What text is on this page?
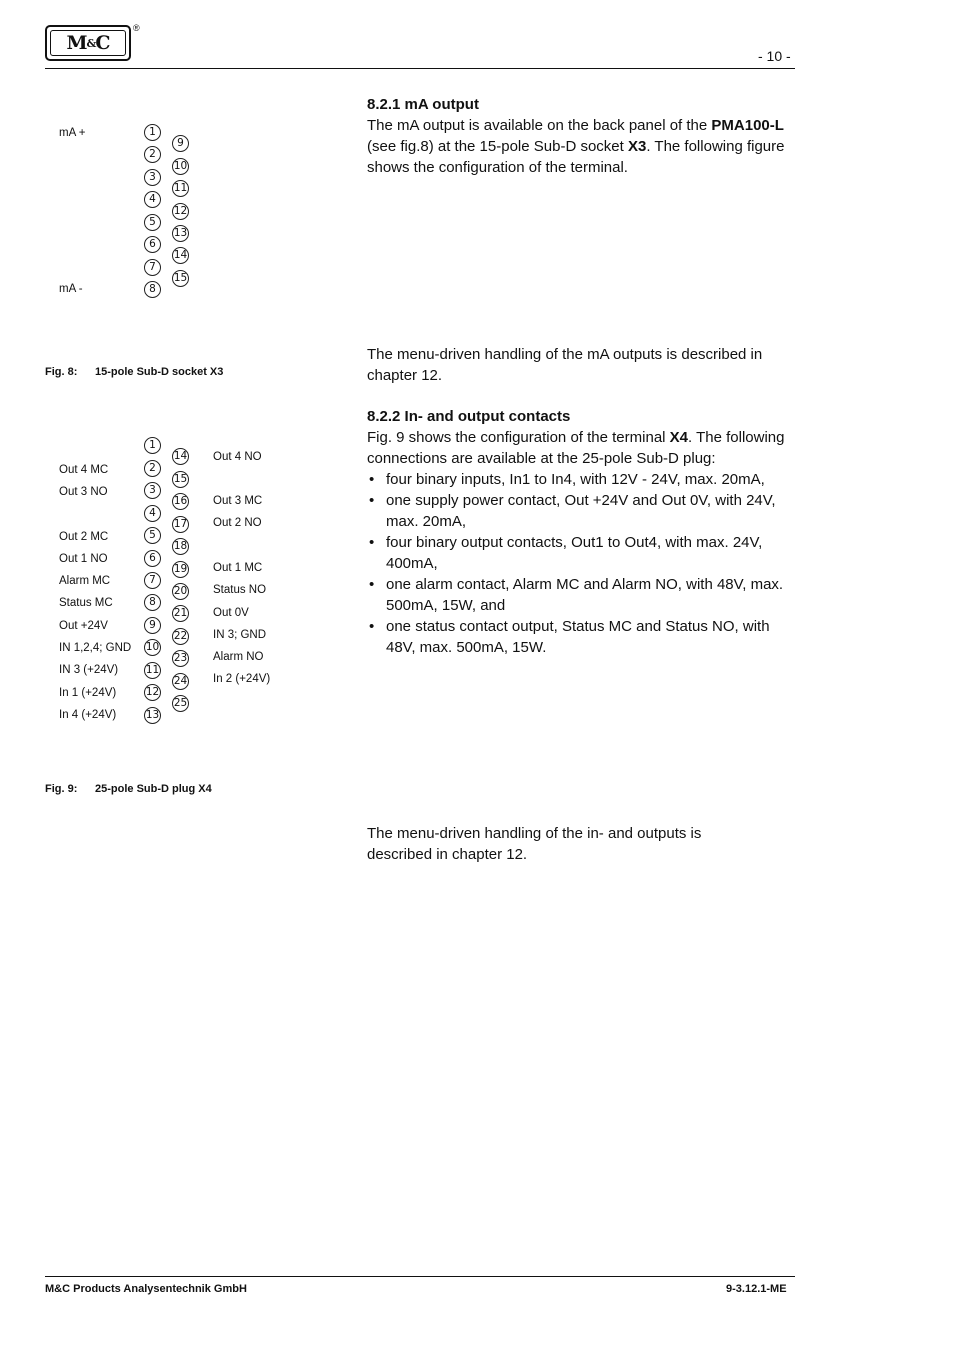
M&C
®
- 10 -
8.2.1 mA output

The mA output is available on the back panel of the PMA100-L (see fig.8) at the 15-pole Sub-D socket X3. The following figure shows the configuration of the terminal.

The menu-driven handling of the mA outputs is described in chapter 12.

8.2.2 In- and output contacts

Fig. 9 shows the configuration of the terminal X4. The following connections are available at the 25-pole Sub-D plug:

• four binary inputs, In1 to In4, with 12V - 24V, max. 20mA,
• one supply power contact, Out +24V and Out 0V, with 24V, max. 20mA,
• four binary output contacts, Out1 to Out4, with max. 24V, 400mA,
• one alarm contact, Alarm MC and Alarm NO, with 48V, max. 500mA, 15W, and
• one status contact output, Status MC and Status NO, with 48V, max. 500mA, 15W.

The menu-driven handling of the in- and outputs is described in chapter 12.

mA +
mA -
1
2
3
4
5
6
7
8
9
10
11
12
13
14
15
Fig. 8: 15-pole Sub-D socket X3
Out 4 MC
Out 3 NO
Out 2 MC
Out 1 NO
Alarm MC
Status MC
Out +24V
IN 1,2,4; GND
IN 3 (+24V)
In 1 (+24V)
In 4 (+24V)
1
2
3
4
5
6
7
8
9
10
11
12
13
14
15
16
17
18
19
20
21
22
23
24
25
Out 4 NO
Out 3 MC
Out 2 NO
Out 1 MC
Status NO
Out 0V
IN 3; GND
Alarm NO
In 2 (+24V)
Fig. 9: 25-pole Sub-D plug X4
M&C Products Analysentechnik GmbH	9-3.12.1-ME
